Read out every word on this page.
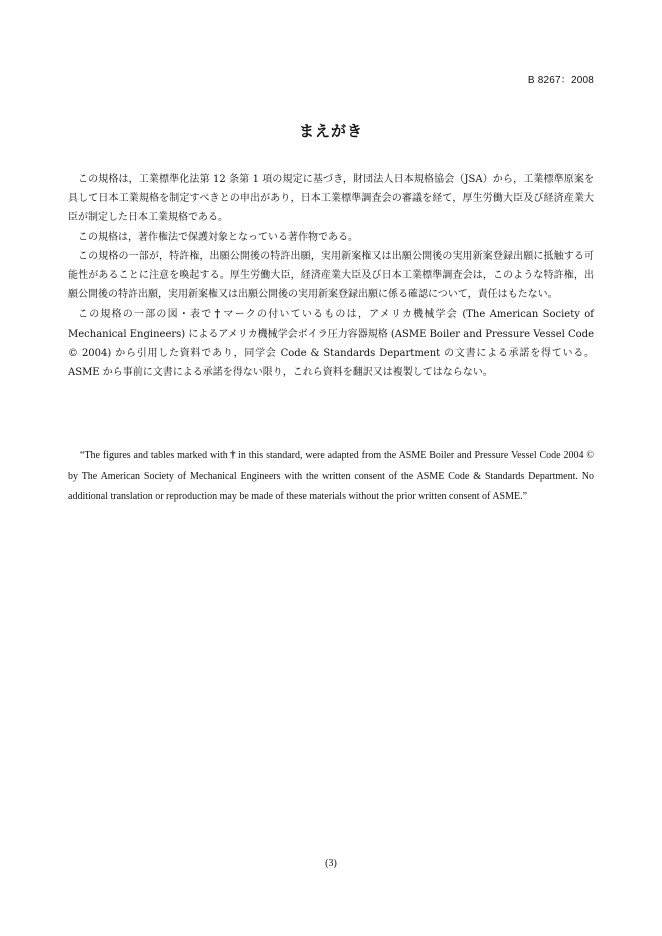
B 8267：2008
まえがき

この規格は，工業標準化法第 12 条第 1 項の規定に基づき，財団法人日本規格協会（JSA）から，工業標準原案を具して日本工業規格を制定すべきとの申出があり，日本工業標準調査会の審議を経て，厚生労働大臣及び経済産業大臣が制定した日本工業規格である。

この規格は，著作権法で保護対象となっている著作物である。

この規格の一部が，特許権，出願公開後の特許出願，実用新案権又は出願公開後の実用新案登録出願に抵触する可能性があることに注意を喚起する。厚生労働大臣，経済産業大臣及び日本工業標準調査会は，このような特許権，出願公開後の特許出願，実用新案権又は出願公開後の実用新案登録出願に係る確認について，責任はもたない。

この規格の一部の図・表で † マークの付いているものは，アメリカ機械学会 (The American Society of Mechanical Engineers) によるアメリカ機械学会ボイラ圧力容器規格 (ASME Boiler and Pressure Vessel Code © 2004) から引用した資料であり，同学会 Code & Standards Department の文書による承諾を得ている。ASME から事前に文書による承諾を得ない限り，これら資料を翻訳又は複製してはならない。

“The figures and tables marked with † in this standard, were adapted from the ASME Boiler and Pressure Vessel Code 2004 © by The American Society of Mechanical Engineers with the written consent of the ASME Code & Standards Department. No additional translation or reproduction may be made of these materials without the prior written consent of ASME.”

(3)
